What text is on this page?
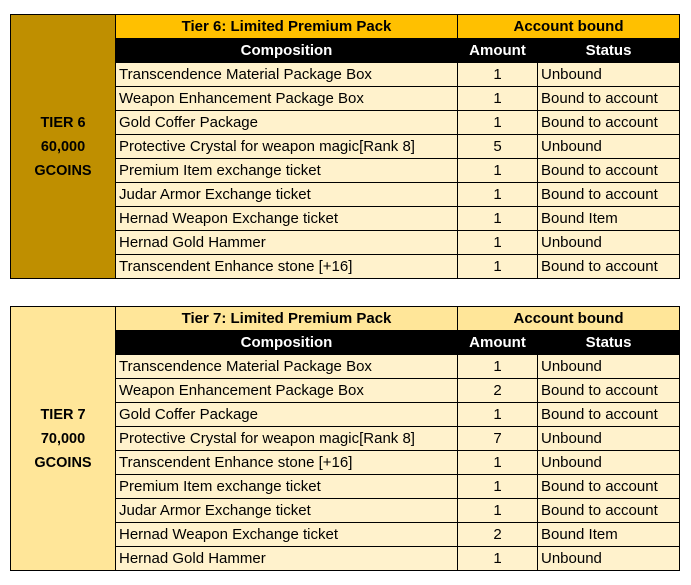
TIER 6
60,000
GCOINS	Tier 6: Limited Premium Pack	Account bound	
	Composition	Amount	Status
	Transcendence Material Package Box	1	Unbound
	Weapon Enhancement Package Box	1	Bound to account
	Gold Coffer Package	1	Bound to account
	Protective Crystal for weapon magic[Rank 8]	5	Unbound
	Premium Item exchange ticket	1	Bound to account
	Judar Armor Exchange ticket	1	Bound to account
	Hernad Weapon Exchange ticket	1	Bound Item
	Hernad Gold Hammer	1	Unbound
	Transcendent Enhance stone [+16]	1	Bound to account
TIER 7
70,000
GCOINS	Tier 7: Limited Premium Pack	Account bound	
	Composition	Amount	Status
	Transcendence Material Package Box	1	Unbound
	Weapon Enhancement Package Box	2	Bound to account
	Gold Coffer Package	1	Bound to account
	Protective Crystal for weapon magic[Rank 8]	7	Unbound
	Transcendent Enhance stone [+16]	1	Unbound
	Premium Item exchange ticket	1	Bound to account
	Judar Armor Exchange ticket	1	Bound to account
	Hernad Weapon Exchange ticket	2	Bound Item
	Hernad Gold Hammer	1	Unbound
